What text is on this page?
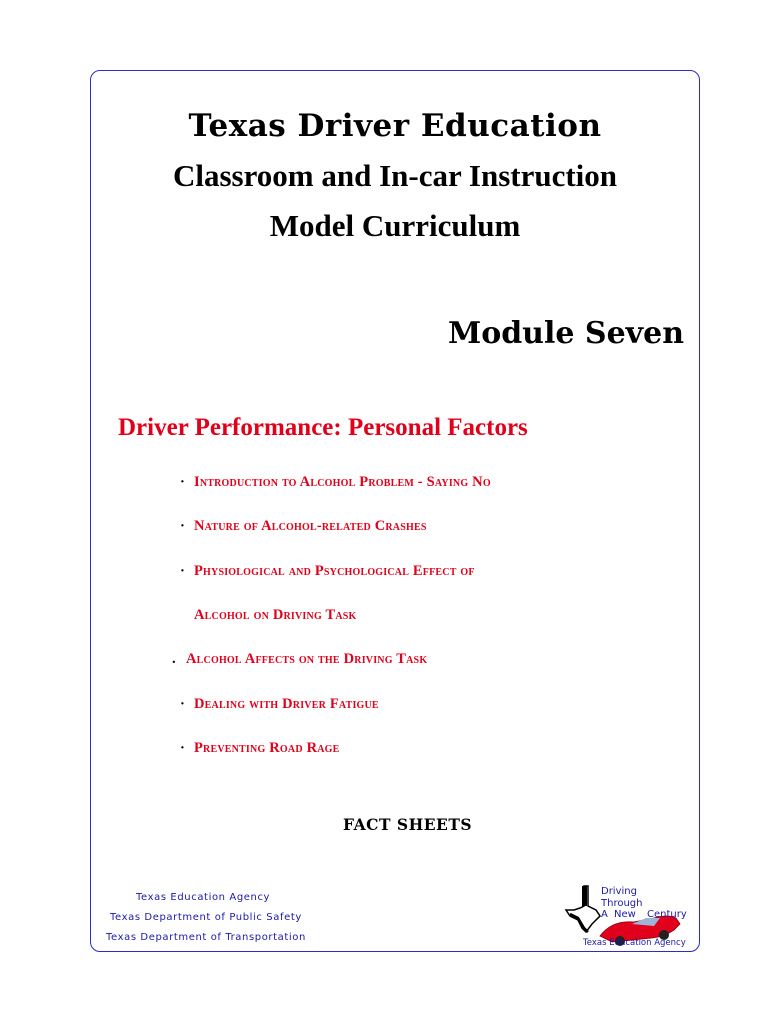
Texas Driver Education
Classroom and In-car Instruction
Model Curriculum
Module Seven
Driver Performance: Personal Factors
· Introduction to Alcohol Problem - Saying No
· Nature of Alcohol-related Crashes
· Physiological and Psychological Effect of
Alcohol on Driving Task
. Alcohol Affects on the Driving Task
· Dealing with Driver Fatigue
· Preventing Road Rage
FACT SHEETS
Texas Education Agency
Texas Department of Public Safety
Texas Department of Transportation
Driving
Through
A New Century
Texas Education Agency
